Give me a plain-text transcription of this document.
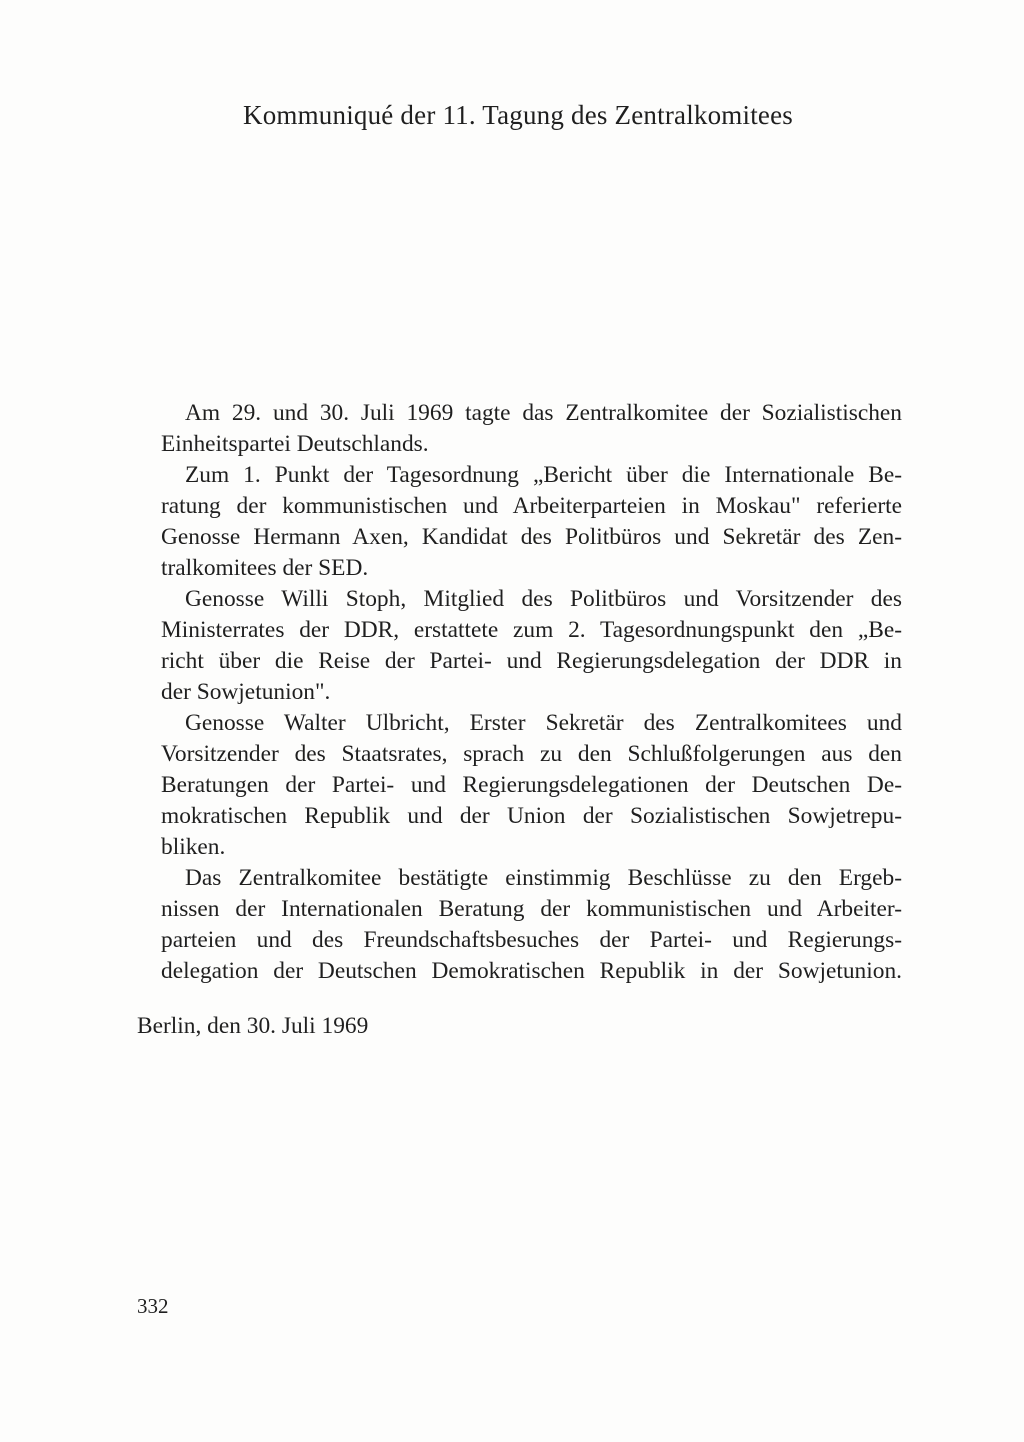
Kommuniqué der 11. Tagung des Zentralkomitees
Am 29. und 30. Juli 1969 tagte das Zentralkomitee der Sozialistischen
Einheitspartei Deutschlands.
Zum 1. Punkt der Tagesordnung „Bericht über die Internationale Be-
ratung der kommunistischen und Arbeiterparteien in Moskau" referierte
Genosse Hermann Axen, Kandidat des Politbüros und Sekretär des Zen-
tralkomitees der SED.
Genosse Willi Stoph, Mitglied des Politbüros und Vorsitzender des
Ministerrates der DDR, erstattete zum 2. Tagesordnungspunkt den „Be-
richt über die Reise der Partei- und Regierungsdelegation der DDR in
der Sowjetunion".
Genosse Walter Ulbricht, Erster Sekretär des Zentralkomitees und
Vorsitzender des Staatsrates, sprach zu den Schlußfolgerungen aus den
Beratungen der Partei- und Regierungsdelegationen der Deutschen De-
mokratischen Republik und der Union der Sozialistischen Sowjetrepu-
bliken.
Das Zentralkomitee bestätigte einstimmig Beschlüsse zu den Ergeb-
nissen der Internationalen Beratung der kommunistischen und Arbeiter-
parteien und des Freundschaftsbesuches der Partei- und Regierungs-
delegation der Deutschen Demokratischen Republik in der Sowjetunion.
Berlin, den 30. Juli 1969
332
